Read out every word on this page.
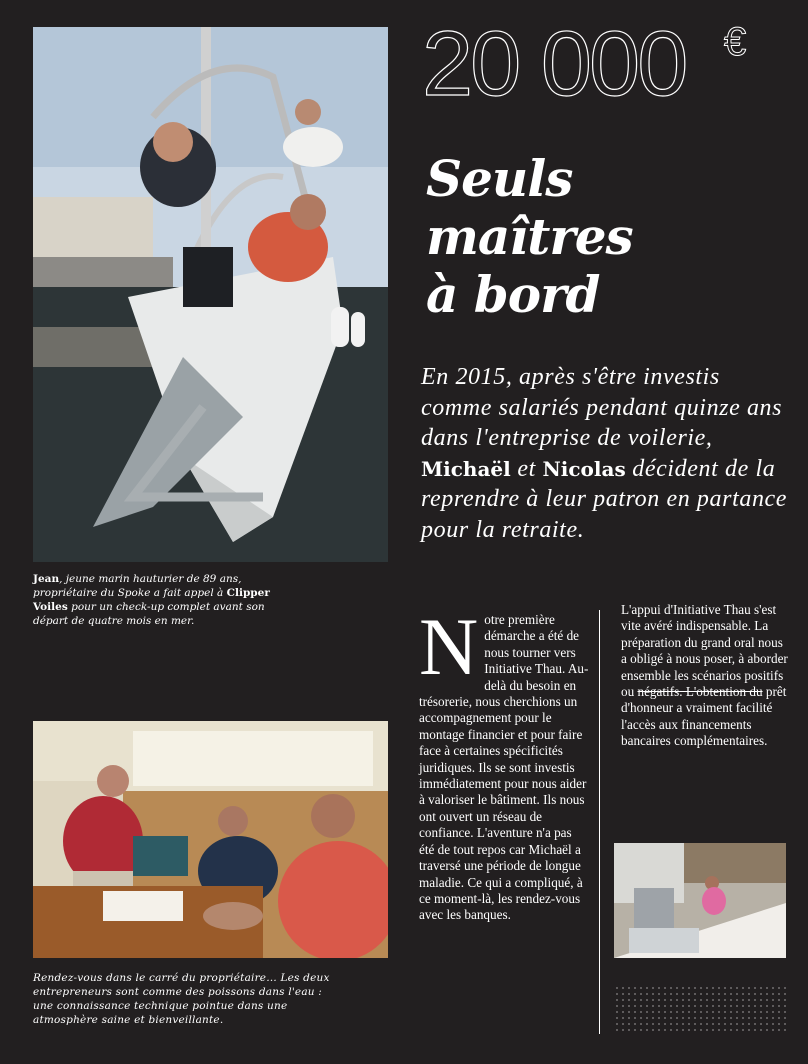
Jean, jeune marin hauturier de 89 ans, propriétaire du Spoke a fait appel à Clipper Voiles pour un check-up complet avant son départ de quatre mois en mer.
Rendez-vous dans le carré du propriétaire… Les deux entrepreneurs sont comme des poissons dans l'eau : une connaissance technique pointue dans une atmosphère saine et bienveillante.
20 000 €
Seuls
maîtres
à bord
En 2015, après s'être investis comme salariés pendant quinze ans dans l'entreprise de voilerie, Michaël et Nicolas décident de la reprendre à leur patron en partance pour la retraite.
Notre première démarche a été de nous tourner vers Initiative Thau. Au-delà du besoin en trésorerie, nous cherchions un accompagnement pour le montage financier et pour faire face à certaines spécificités juridiques. Ils se sont investis immédiatement pour nous aider à valoriser le bâtiment. Ils nous ont ouvert un réseau de confiance. L'aventure n'a pas été de tout repos car Michaël a traversé une période de longue maladie. Ce qui a compliqué, à ce moment-là, les rendez-vous avec les banques.
L'appui d'Initiative Thau s'est vite avéré indispensable. La préparation du grand oral nous a obligé à nous poser, à aborder ensemble les scénarios positifs ou négatifs. L'obtention du prêt d'honneur a vraiment facilité l'accès aux financements bancaires complémentaires.
